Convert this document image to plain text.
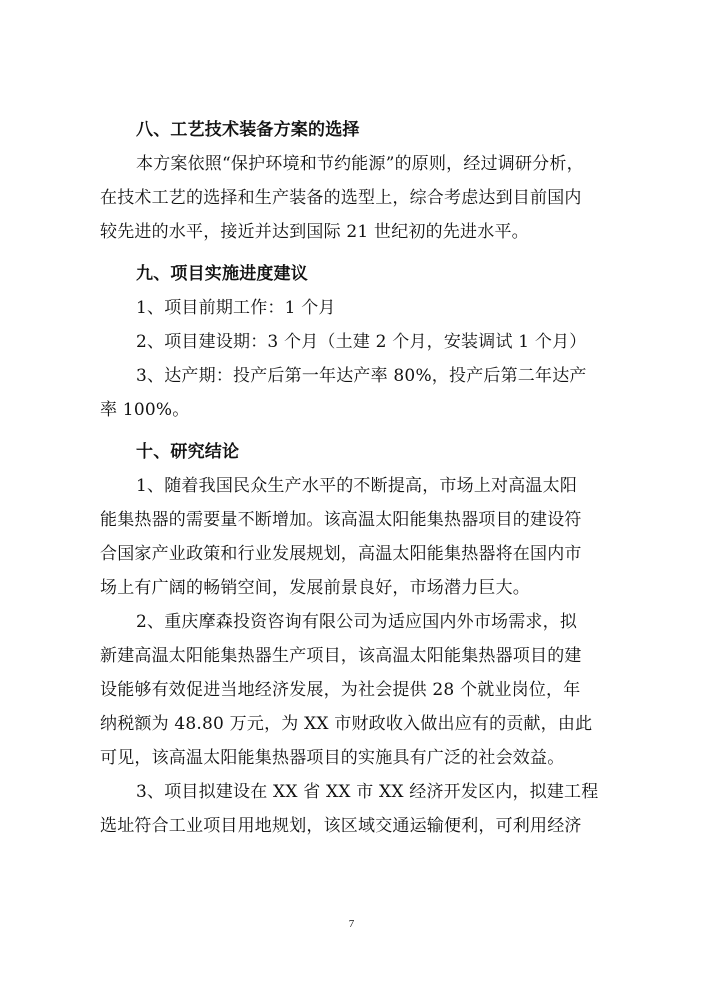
八、工艺技术装备方案的选择
本方案依照“保护环境和节约能源”的原则，经过调研分析，
在技术工艺的选择和生产装备的选型上，综合考虑达到目前国内
较先进的水平，接近并达到国际 21 世纪初的先进水平。
九、项目实施进度建议
1、项目前期工作：1 个月
2、项目建设期：3 个月（土建 2 个月，安装调试 1 个月）
3、达产期：投产后第一年达产率 80%，投产后第二年达产
率 100%。
十、研究结论
1、随着我国民众生产水平的不断提高，市场上对高温太阳
能集热器的需要量不断增加。该高温太阳能集热器项目的建设符
合国家产业政策和行业发展规划，高温太阳能集热器将在国内市
场上有广阔的畅销空间，发展前景良好，市场潜力巨大。
2、重庆摩森投资咨询有限公司为适应国内外市场需求，拟
新建高温太阳能集热器生产项目，该高温太阳能集热器项目的建
设能够有效促进当地经济发展，为社会提供 28 个就业岗位，年
纳税额为 48.80 万元，为 XX 市财政收入做出应有的贡献，由此
可见，该高温太阳能集热器项目的实施具有广泛的社会效益。
3、项目拟建设在 XX 省 XX 市 XX 经济开发区内，拟建工程
选址符合工业项目用地规划，该区域交通运输便利，可利用经济
7
